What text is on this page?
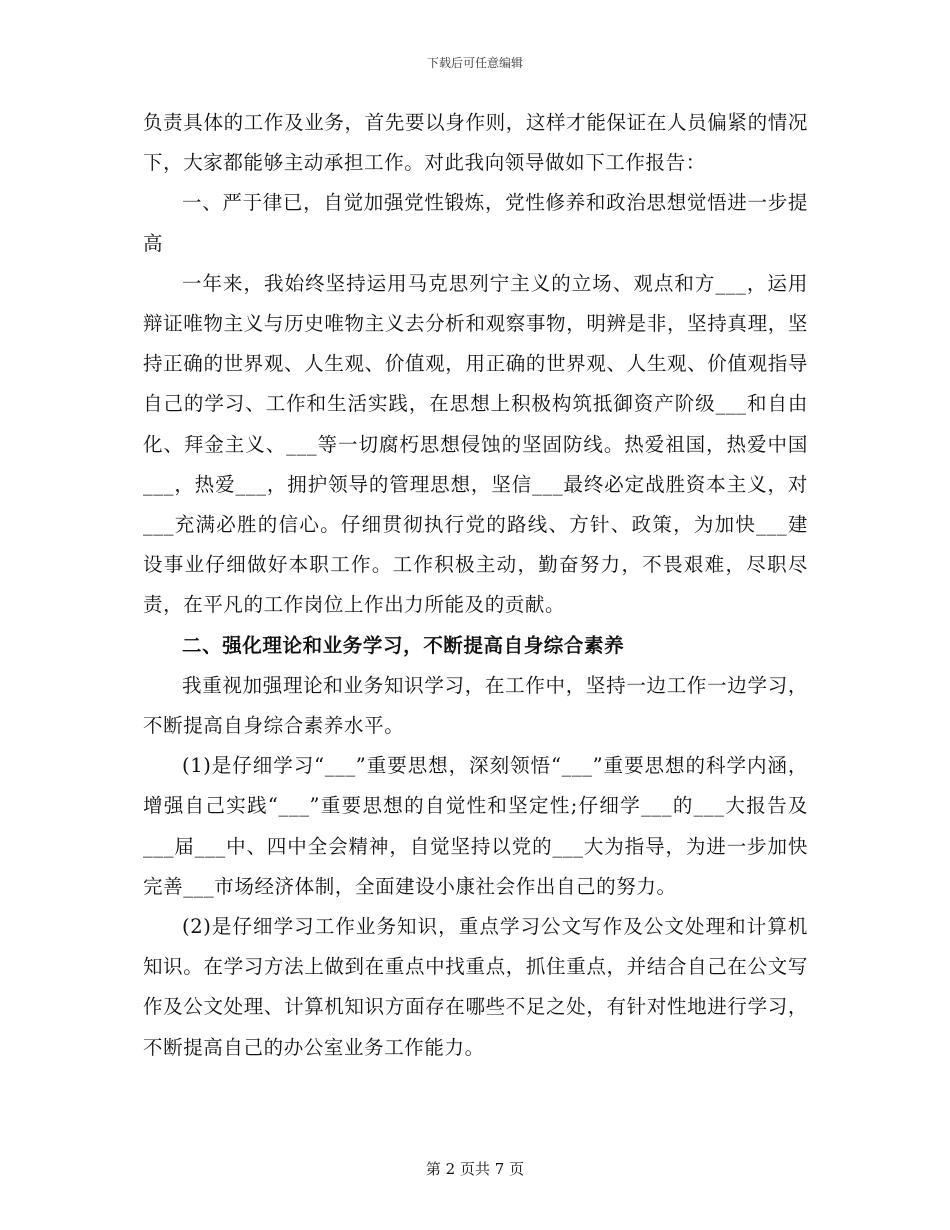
下载后可任意编辑

负责具体的工作及业务，首先要以身作则，这样才能保证在人员偏紧的情况下，大家都能够主动承担工作。对此我向领导做如下工作报告：

一、严于律已，自觉加强党性锻炼，党性修养和政治思想觉悟进一步提高

一年来，我始终坚持运用马克思列宁主义的立场、观点和方___，运用辩证唯物主义与历史唯物主义去分析和观察事物，明辨是非，坚持真理，坚持正确的世界观、人生观、价值观，用正确的世界观、人生观、价值观指导自己的学习、工作和生活实践，在思想上积极构筑抵御资产阶级___和自由化、拜金主义、___等一切腐朽思想侵蚀的坚固防线。热爱祖国，热爱中国___，热爱___，拥护领导的管理思想，坚信___最终必定战胜资本主义，对___充满必胜的信心。仔细贯彻执行党的路线、方针、政策，为加快___建设事业仔细做好本职工作。工作积极主动，勤奋努力，不畏艰难，尽职尽责，在平凡的工作岗位上作出力所能及的贡献。

二、强化理论和业务学习，不断提高自身综合素养

我重视加强理论和业务知识学习，在工作中，坚持一边工作一边学习，不断提高自身综合素养水平。

(1)是仔细学习“___”重要思想，深刻领悟“___”重要思想的科学内涵，增强自己实践“___”重要思想的自觉性和坚定性;仔细学___的___大报告及___届___中、四中全会精神，自觉坚持以党的___大为指导，为进一步加快完善___市场经济体制，全面建设小康社会作出自己的努力。

(2)是仔细学习工作业务知识，重点学习公文写作及公文处理和计算机知识。在学习方法上做到在重点中找重点，抓住重点，并结合自己在公文写作及公文处理、计算机知识方面存在哪些不足之处，有针对性地进行学习，不断提高自己的办公室业务工作能力。

第 2 页共 7 页
